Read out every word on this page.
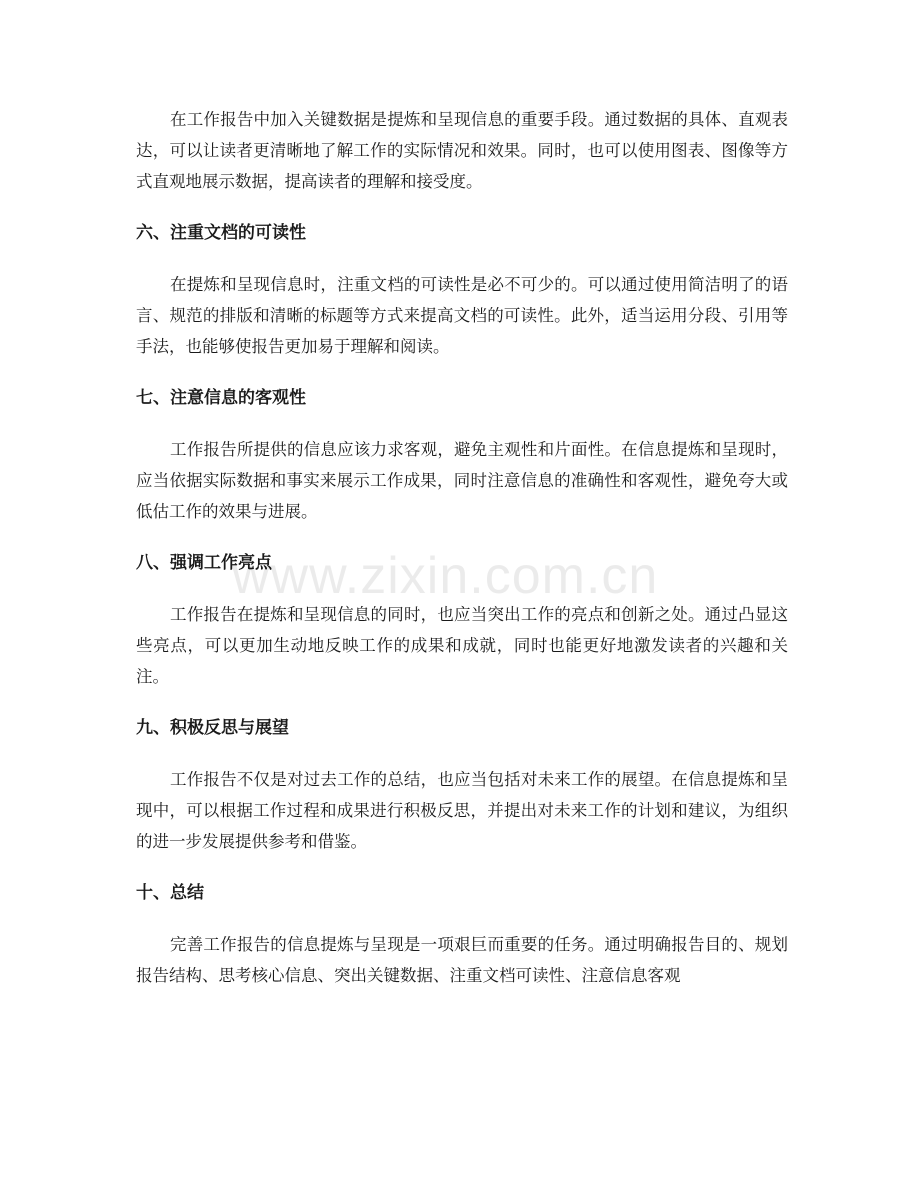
在工作报告中加入关键数据是提炼和呈现信息的重要手段。通过数据的具体、直观表达，可以让读者更清晰地了解工作的实际情况和效果。同时，也可以使用图表、图像等方式直观地展示数据，提高读者的理解和接受度。

六、注重文档的可读性

在提炼和呈现信息时，注重文档的可读性是必不可少的。可以通过使用简洁明了的语言、规范的排版和清晰的标题等方式来提高文档的可读性。此外，适当运用分段、引用等手法，也能够使报告更加易于理解和阅读。

七、注意信息的客观性

工作报告所提供的信息应该力求客观，避免主观性和片面性。在信息提炼和呈现时，应当依据实际数据和事实来展示工作成果，同时注意信息的准确性和客观性，避免夸大或低估工作的效果与进展。

八、强调工作亮点

工作报告在提炼和呈现信息的同时，也应当突出工作的亮点和创新之处。通过凸显这些亮点，可以更加生动地反映工作的成果和成就，同时也能更好地激发读者的兴趣和关注。

九、积极反思与展望

工作报告不仅是对过去工作的总结，也应当包括对未来工作的展望。在信息提炼和呈现中，可以根据工作过程和成果进行积极反思，并提出对未来工作的计划和建议，为组织的进一步发展提供参考和借鉴。

十、总结

完善工作报告的信息提炼与呈现是一项艰巨而重要的任务。通过明确报告目的、规划报告结构、思考核心信息、突出关键数据、注重文档可读性、注意信息客观

www.zixin.com.cn
